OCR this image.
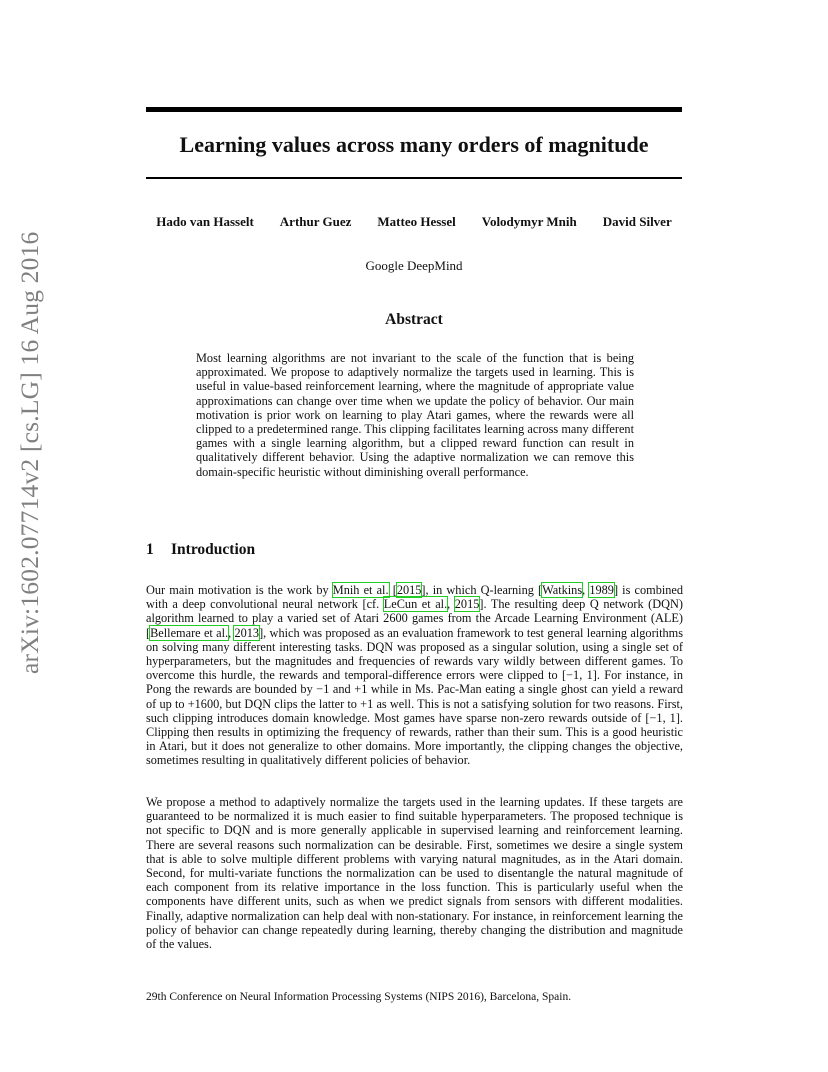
arXiv:1602.07714v2 [cs.LG] 16 Aug 2016
Learning values across many orders of magnitude
Hado van Hasselt Arthur Guez Matteo Hessel Volodymyr Mnih David Silver
Google DeepMind
Abstract

Most learning algorithms are not invariant to the scale of the function that is being approximated. We propose to adaptively normalize the targets used in learning. This is useful in value-based reinforcement learning, where the magnitude of appropriate value approximations can change over time when we update the policy of behavior. Our main motivation is prior work on learning to play Atari games, where the rewards were all clipped to a predetermined range. This clipping facilitates learning across many different games with a single learning algorithm, but a clipped reward function can result in qualitatively different behavior. Using the adaptive normalization we can remove this domain-specific heuristic without diminishing overall performance.

1 Introduction

Our main motivation is the work by Mnih et al. [2015], in which Q-learning [Watkins, 1989] is combined with a deep convolutional neural network [cf. LeCun et al., 2015]. The resulting deep Q network (DQN) algorithm learned to play a varied set of Atari 2600 games from the Arcade Learning Environment (ALE) [Bellemare et al., 2013], which was proposed as an evaluation framework to test general learning algorithms on solving many different interesting tasks. DQN was proposed as a singular solution, using a single set of hyperparameters, but the magnitudes and frequencies of rewards vary wildly between different games. To overcome this hurdle, the rewards and temporal-difference errors were clipped to [−1, 1]. For instance, in Pong the rewards are bounded by −1 and +1 while in Ms. Pac-Man eating a single ghost can yield a reward of up to +1600, but DQN clips the latter to +1 as well. This is not a satisfying solution for two reasons. First, such clipping introduces domain knowledge. Most games have sparse non-zero rewards outside of [−1, 1]. Clipping then results in optimizing the frequency of rewards, rather than their sum. This is a good heuristic in Atari, but it does not generalize to other domains. More importantly, the clipping changes the objective, sometimes resulting in qualitatively different policies of behavior.

We propose a method to adaptively normalize the targets used in the learning updates. If these targets are guaranteed to be normalized it is much easier to find suitable hyperparameters. The proposed technique is not specific to DQN and is more generally applicable in supervised learning and reinforcement learning. There are several reasons such normalization can be desirable. First, sometimes we desire a single system that is able to solve multiple different problems with varying natural magnitudes, as in the Atari domain. Second, for multi-variate functions the normalization can be used to disentangle the natural magnitude of each component from its relative importance in the loss function. This is particularly useful when the components have different units, such as when we predict signals from sensors with different modalities. Finally, adaptive normalization can help deal with non-stationary. For instance, in reinforcement learning the policy of behavior can change repeatedly during learning, thereby changing the distribution and magnitude of the values.

29th Conference on Neural Information Processing Systems (NIPS 2016), Barcelona, Spain.
